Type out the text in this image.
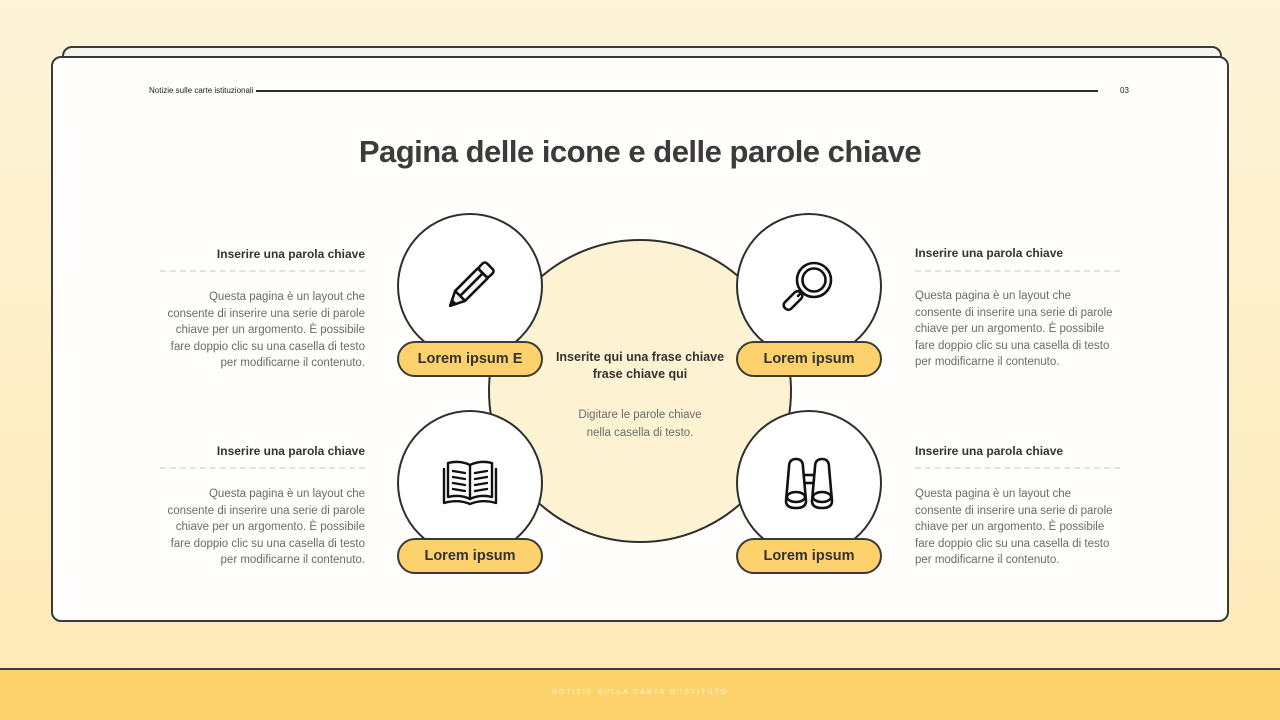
Notizie sulle carte istituzionali	03
Pagina delle icone e delle parole chiave
Inserite qui una frase chiave
frase chiave qui
Digitare le parole chiave
nella casella di testo.
Lorem ipsum E	Lorem ipsum
Lorem ipsum	Lorem ipsum
Inserire una parola chiave
Questa pagina è un layout che
consente di inserire una serie di parole
chiave per un argomento. È possibile
fare doppio clic su una casella di testo
per modificarne il contenuto.
Inserire una parola chiave
Questa pagina è un layout che
consente di inserire una serie di parole
chiave per un argomento. È possibile
fare doppio clic su una casella di testo
per modificarne il contenuto.
Inserire una parola chiave
Questa pagina è un layout che
consente di inserire una serie di parole
chiave per un argomento. È possibile
fare doppio clic su una casella di testo
per modificarne il contenuto.
Inserire una parola chiave
Questa pagina è un layout che
consente di inserire una serie di parole
chiave per un argomento. È possibile
fare doppio clic su una casella di testo
per modificarne il contenuto.
NOTIZIE SULLA CARTA D'ISTITUTO
